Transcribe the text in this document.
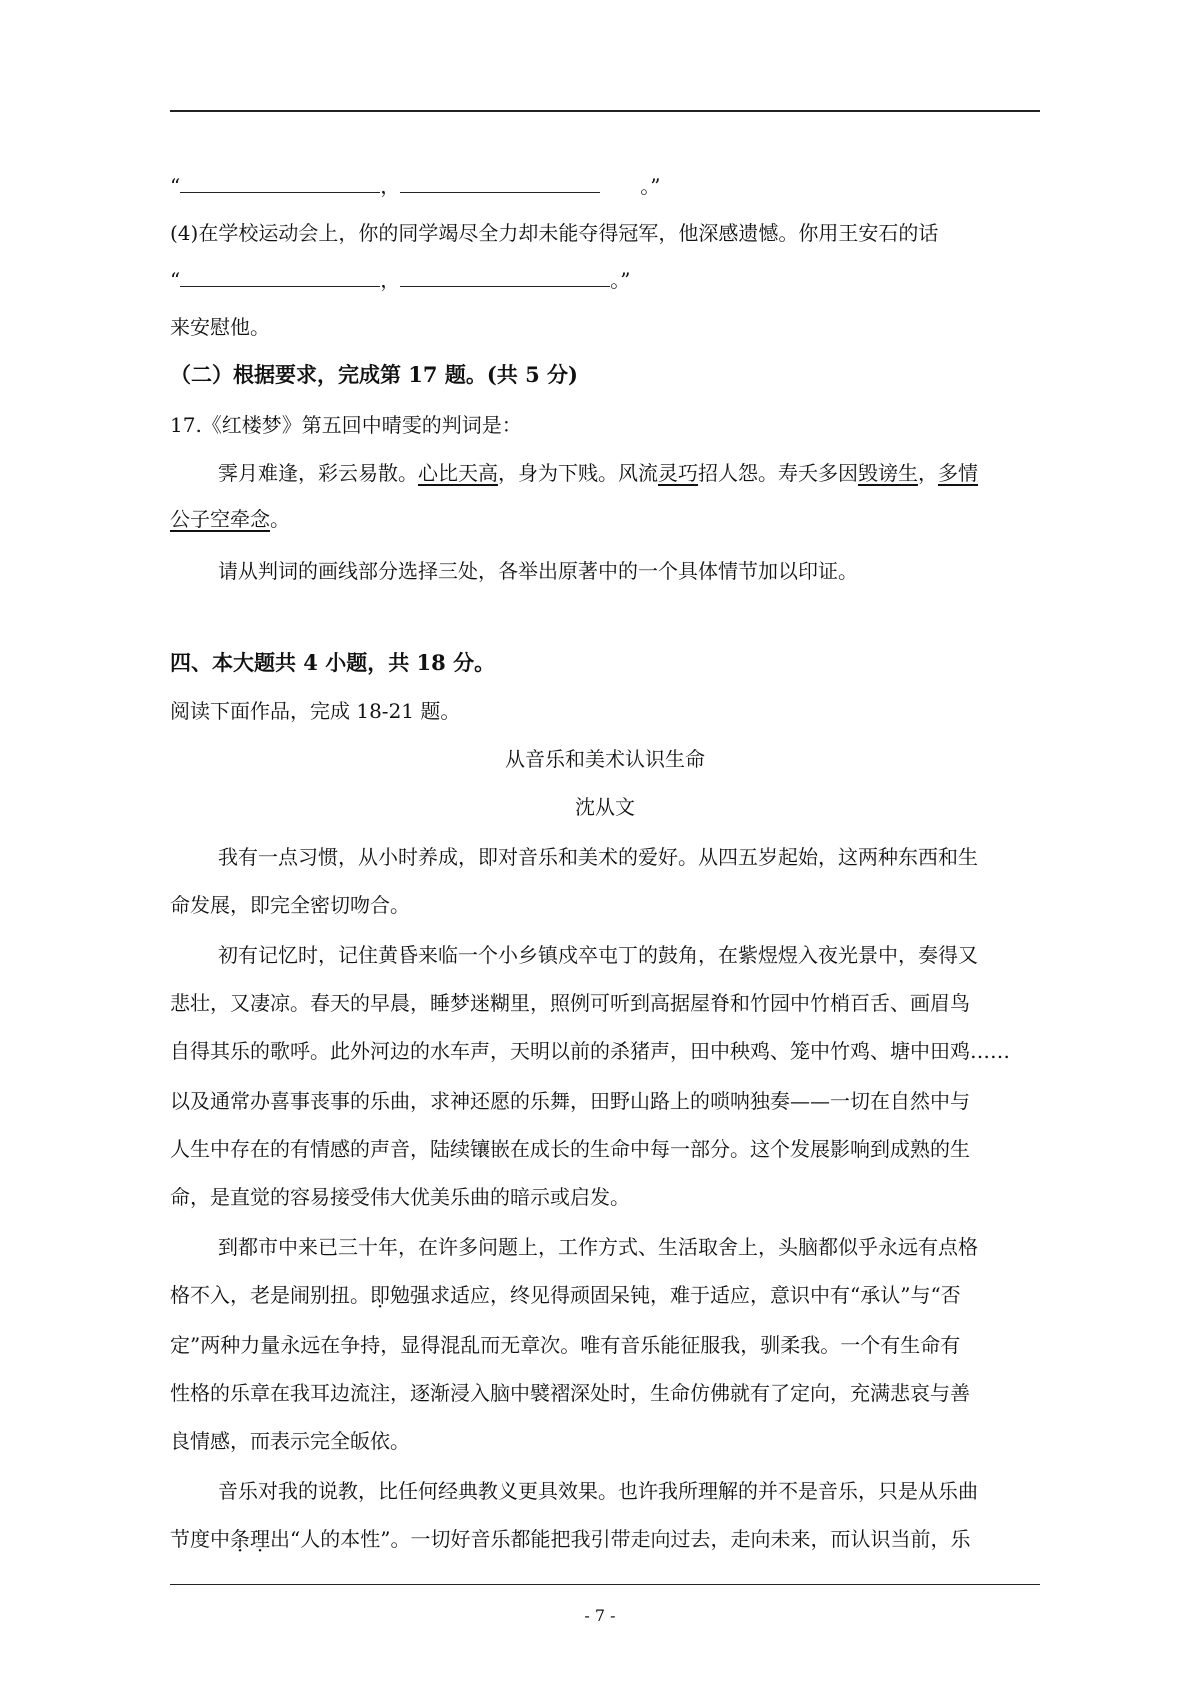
“	，	。”
(4)在学校运动会上，你的同学竭尽全力却未能夺得冠军，他深感遗憾。你用王安石的话
“	，	。”
来安慰他。
（二）根据要求，完成第 17 题。(共 5 分)
17.《红楼梦》第五回中晴雯的判词是：
霁月难逢，彩云易散。心比天高，身为下贱。风流灵巧招人怨。寿夭多因毁谤生，多情
公子空牵念。
请从判词的画线部分选择三处，各举出原著中的一个具体情节加以印证。
四、本大题共 4 小题，共 18 分。
阅读下面作品，完成 18-21 题。
从音乐和美术认识生命
沈从文
我有一点习惯，从小时养成，即对音乐和美术的爱好。从四五岁起始，这两种东西和生
命发展，即完全密切吻合。
初有记忆时，记住黄昏来临一个小乡镇戍卒屯丁的鼓角，在紫煜煜入夜光景中，奏得又
悲壮，又凄凉。春天的早晨，睡梦迷糊里，照例可听到高据屋脊和竹园中竹梢百舌、画眉鸟
自得其乐的歌呼。此外河边的水车声，天明以前的杀猪声，田中秧鸡、笼中竹鸡、塘中田鸡……
以及通常办喜事丧事的乐曲，求神还愿的乐舞，田野山路上的唢呐独奏——一切在自然中与
人生中存在的有情感的声音，陆续镶嵌在成长的生命中每一部分。这个发展影响到成熟的生
命，是直觉的容易接受伟大优美乐曲的暗示或启发。
到都市中来已三十年，在许多问题上，工作方式、生活取舍上，头脑都似乎永远有点格
格不入，老是闹别扭。即勉强求适应，终见得顽固呆钝，难于适应，意识中有“承认”与“否
定”两种力量永远在争持，显得混乱而无章次。唯有音乐能征服我，驯柔我。一个有生命有
性格的乐章在我耳边流注，逐渐浸入脑中襞褶深处时，生命仿佛就有了定向，充满悲哀与善
良情感，而表示完全皈依。
音乐对我的说教，比任何经典教义更具效果。也许我所理解的并不是音乐，只是从乐曲
节度中条理出“人的本性”。一切好音乐都能把我引带走向过去，走向未来，而认识当前，乐
- 7 -
